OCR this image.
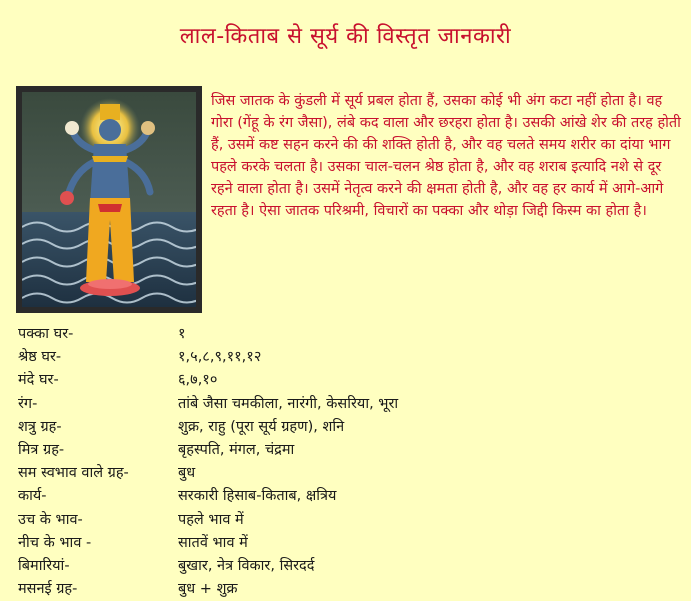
लाल-किताब से सूर्य की विस्तृत जानकारी

जिस जातक के कुंडली में सूर्य प्रबल होता हैं, उसका कोई भी अंग कटा नहीं होता है। वह गोरा (गेंहू के रंग जैसा), लंबे कद वाला और छरहरा होता है। उसकी आंखे शेर की तरह होती हैं, उसमें कष्ट सहन करने की की शक्ति होती है, और वह चलते समय शरीर का दांया भाग पहले करके चलता है। उसका चाल-चलन श्रेष्ठ होता है, और वह शराब इत्यादि नशे से दूर रहने वाला होता है। उसमें नेतृत्व करने की क्षमता होती है, और वह हर कार्य में आगे-आगे रहता है। ऐसा जातक परिश्रमी, विचारों का पक्का और थोड़ा जिद्दी किस्म का होता है।

पक्का घर-	१
श्रेष्ठ घर-	१,५,८,९,११,१२
मंदे घर-	६,७,१०
रंग-	तांबे जैसा चमकीला, नारंगी, केसरिया, भूरा
शत्रु ग्रह-	शुक्र, राहु (पूरा सूर्य ग्रहण), शनि
मित्र ग्रह-	बृहस्पति, मंगल, चंद्रमा
सम स्वभाव वाले ग्रह-	बुध
कार्य-	सरकारी हिसाब-किताब, क्षत्रिय
उच के भाव-	पहले भाव में
नीच के भाव -	सातवें भाव में
बिमारियां-	बुखार, नेत्र विकार, सिरदर्द
मसनई ग्रह-	बुध + शुक्र
